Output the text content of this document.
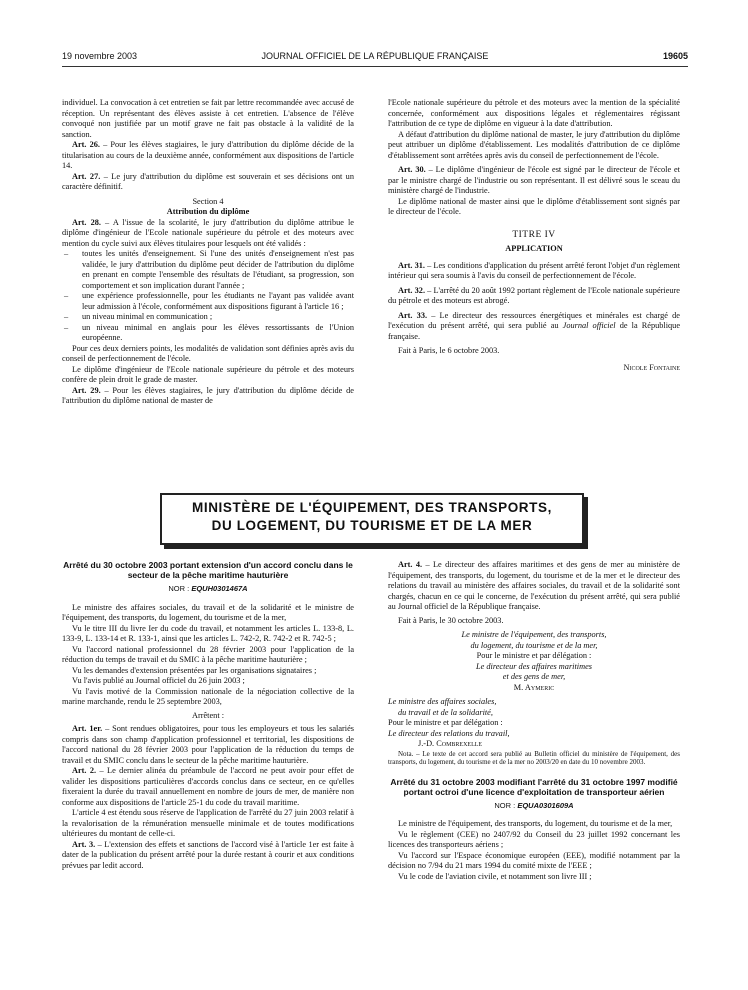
19 novembre 2003	JOURNAL OFFICIEL DE LA RÉPUBLIQUE FRANÇAISE	19605

individuel. La convocation à cet entretien se fait par lettre recommandée avec accusé de réception. Un représentant des élèves assiste à cet entretien. L'absence de l'élève convoqué non justifiée par un motif grave ne fait pas obstacle à la validité de la sanction.

Art. 26. – Pour les élèves stagiaires, le jury d'attribution du diplôme décide de la titularisation au cours de la deuxième année, conformément aux dispositions de l'article 14.

Art. 27. – Le jury d'attribution du diplôme est souverain et ses décisions ont un caractère définitif.

Section 4
Attribution du diplôme

Art. 28. – A l'issue de la scolarité, le jury d'attribution du diplôme attribue le diplôme d'ingénieur de l'Ecole nationale supérieure du pétrole et des moteurs avec mention du cycle suivi aux élèves titulaires pour lesquels ont été validés :

– toutes les unités d'enseignement. Si l'une des unités d'enseignement n'est pas validée, le jury d'attribution du diplôme peut décider de l'attribution du diplôme en prenant en compte l'ensemble des résultats de l'étudiant, sa progression, son comportement et son implication durant l'année ;
– une expérience professionnelle, pour les étudiants ne l'ayant pas validée avant leur admission à l'école, conformément aux dispositions figurant à l'article 16 ;
– un niveau minimal en communication ;
– un niveau minimal en anglais pour les élèves ressortissants de l'Union européenne.

Pour ces deux derniers points, les modalités de validation sont définies après avis du conseil de perfectionnement de l'école.

Le diplôme d'ingénieur de l'Ecole nationale supérieure du pétrole et des moteurs confère de plein droit le grade de master.

Art. 29. – Pour les élèves stagiaires, le jury d'attribution du diplôme décide de l'attribution du diplôme national de master de

l'Ecole nationale supérieure du pétrole et des moteurs avec la mention de la spécialité concernée, conformément aux dispositions légales et réglementaires régissant l'attribution de ce type de diplôme en vigueur à la date d'attribution.

A défaut d'attribution du diplôme national de master, le jury d'attribution du diplôme peut attribuer un diplôme d'établissement. Les modalités d'attribution de ce diplôme d'établissement sont arrêtées après avis du conseil de perfectionnement de l'école.

Art. 30. – Le diplôme d'ingénieur de l'école est signé par le directeur de l'école et par le ministre chargé de l'industrie ou son représentant. Il est délivré sous le sceau du ministère chargé de l'industrie.

Le diplôme national de master ainsi que le diplôme d'établissement sont signés par le directeur de l'école.

TITRE IV
APPLICATION

Art. 31. – Les conditions d'application du présent arrêté feront l'objet d'un règlement intérieur qui sera soumis à l'avis du conseil de perfectionnement de l'école.

Art. 32. – L'arrêté du 20 août 1992 portant règlement de l'Ecole nationale supérieure du pétrole et des moteurs est abrogé.

Art. 33. – Le directeur des ressources énergétiques et minérales est chargé de l'exécution du présent arrêté, qui sera publié au Journal officiel de la République française.

Fait à Paris, le 6 octobre 2003.

Nicole Fontaine
MINISTÈRE DE L'ÉQUIPEMENT, DES TRANSPORTS,
DU LOGEMENT, DU TOURISME ET DE LA MER
Arrêté du 30 octobre 2003 portant extension d'un accord conclu dans le secteur de la pêche maritime hauturière
NOR : EQUH0301467A

Le ministre des affaires sociales, du travail et de la solidarité et le ministre de l'équipement, des transports, du logement, du tourisme et de la mer,

Vu le titre III du livre Ier du code du travail, et notamment les articles L. 133-8, L. 133-9, L. 133-14 et R. 133-1, ainsi que les articles L. 742-2, R. 742-2 et R. 742-5 ;

Vu l'accord national professionnel du 28 février 2003 pour l'application de la réduction du temps de travail et du SMIC à la pêche maritime hauturière ;

Vu les demandes d'extension présentées par les organisations signataires ;

Vu l'avis publié au Journal officiel du 26 juin 2003 ;

Vu l'avis motivé de la Commission nationale de la négociation collective de la marine marchande, rendu le 25 septembre 2003,

Arrêtent :

Art. 1er. – Sont rendues obligatoires, pour tous les employeurs et tous les salariés compris dans son champ d'application professionnel et territorial, les dispositions de l'accord national du 28 février 2003 pour l'application de la réduction du temps de travail et du SMIC conclu dans le secteur de la pêche maritime hauturière.

Art. 2. – Le dernier alinéa du préambule de l'accord ne peut avoir pour effet de valider les dispositions particulières d'accords conclus dans ce secteur, en ce qu'elles fixeraient la durée du travail annuellement en nombre de jours de mer, de manière non conforme aux dispositions de l'article 25-1 du code du travail maritime.

L'article 4 est étendu sous réserve de l'application de l'arrêté du 27 juin 2003 relatif à la revalorisation de la rémunération mensuelle minimale et de toutes modifications ultérieures du montant de celle-ci.

Art. 3. – L'extension des effets et sanctions de l'accord visé à l'article 1er est faite à dater de la publication du présent arrêté pour la durée restant à courir et aux conditions prévues par ledit accord.

Art. 4. – Le directeur des affaires maritimes et des gens de mer au ministère de l'équipement, des transports, du logement, du tourisme et de la mer et le directeur des relations du travail au ministère des affaires sociales, du travail et de la solidarité sont chargés, chacun en ce qui le concerne, de l'exécution du présent arrêté, qui sera publié au Journal officiel de la République française.

Fait à Paris, le 30 octobre 2003.

Le ministre de l'équipement, des transports,
du logement, du tourisme et de la mer,
Pour le ministre et par délégation :
Le directeur des affaires maritimes
et des gens de mer,
M. Aymeric
Le ministre des affaires sociales,
du travail et de la solidarité,
Pour le ministre et par délégation :
Le directeur des relations du travail,
J.-D. Combrexelle

Nota. – Le texte de cet accord sera publié au Bulletin officiel du ministère de l'équipement, des transports, du logement, du tourisme et de la mer no 2003/20 en date du 10 novembre 2003.

Arrêté du 31 octobre 2003 modifiant l'arrêté du 31 octobre 1997 modifié portant octroi d'une licence d'exploitation de transporteur aérien
NOR : EQUA0301609A

Le ministre de l'équipement, des transports, du logement, du tourisme et de la mer,

Vu le règlement (CEE) no 2407/92 du Conseil du 23 juillet 1992 concernant les licences des transporteurs aériens ;

Vu l'accord sur l'Espace économique européen (EEE), modifié notamment par la décision no 7/94 du 21 mars 1994 du comité mixte de l'EEE ;

Vu le code de l'aviation civile, et notamment son livre III ;
